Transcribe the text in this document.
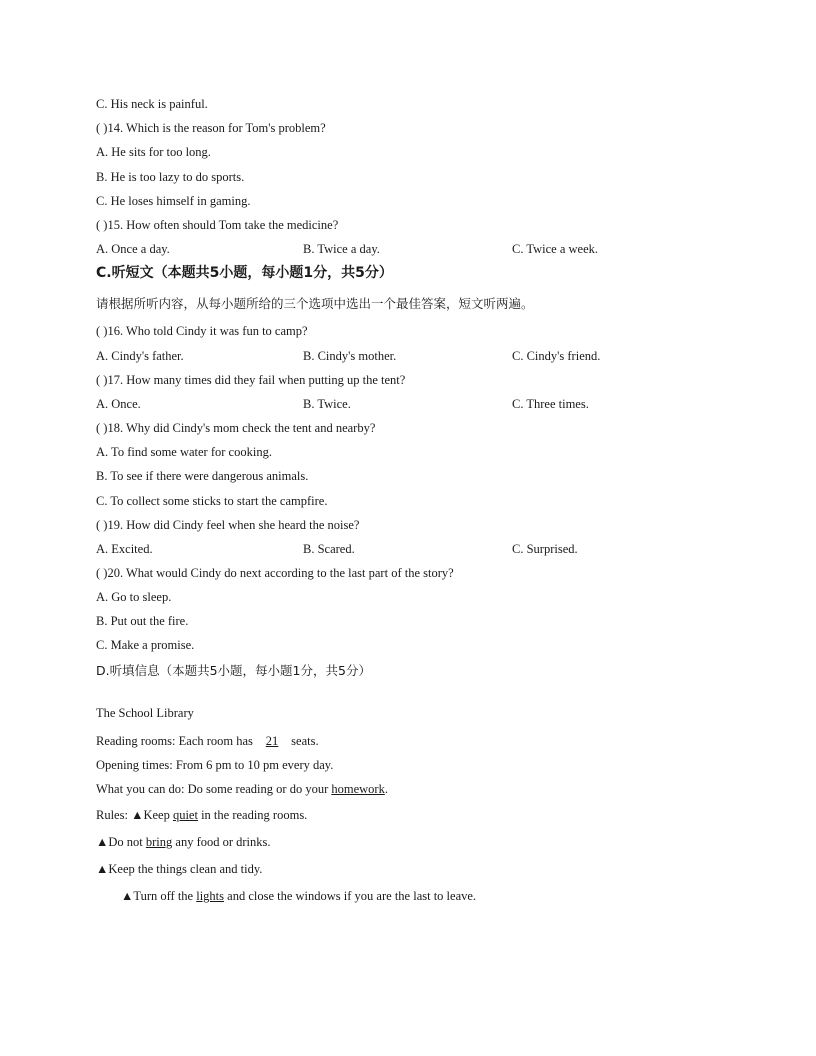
C. His neck is painful.
( )14. Which is the reason for Tom's problem?
A. He sits for too long.
B. He is too lazy to do sports.
C. He loses himself in gaming.
( )15. How often should Tom take the medicine?
A. Once a day.	B. Twice a day.	C. Twice a week.
C.听短文（本题共5小题，每小题1分，共5分）
请根据所听内容，从每小题所给的三个选项中选出一个最佳答案，短文听两遍。
( )16. Who told Cindy it was fun to camp?
A. Cindy's father.	B. Cindy's mother.	C. Cindy's friend.
( )17. How many times did they fail when putting up the tent?
A. Once.	B. Twice.	C. Three times.
( )18. Why did Cindy's mom check the tent and nearby?
A. To find some water for cooking.
B. To see if there were dangerous animals.
C. To collect some sticks to start the campfire.
( )19. How did Cindy feel when she heard the noise?
A. Excited.	B. Scared.	C. Surprised.
( )20. What would Cindy do next according to the last part of the story?
A. Go to sleep.
B. Put out the fire.
C. Make a promise.
D.听填信息（本题共5小题，每小题1分，共5分）
The School Library
Reading rooms: Each room has 21 seats.
Opening times: From 6 pm to 10 pm every day.
What you can do: Do some reading or do your homework.
Rules: ▲Keep quiet in the reading rooms.
▲Do not bring any food or drinks.
▲Keep the things clean and tidy.
▲Turn off the lights and close the windows if you are the last to leave.
